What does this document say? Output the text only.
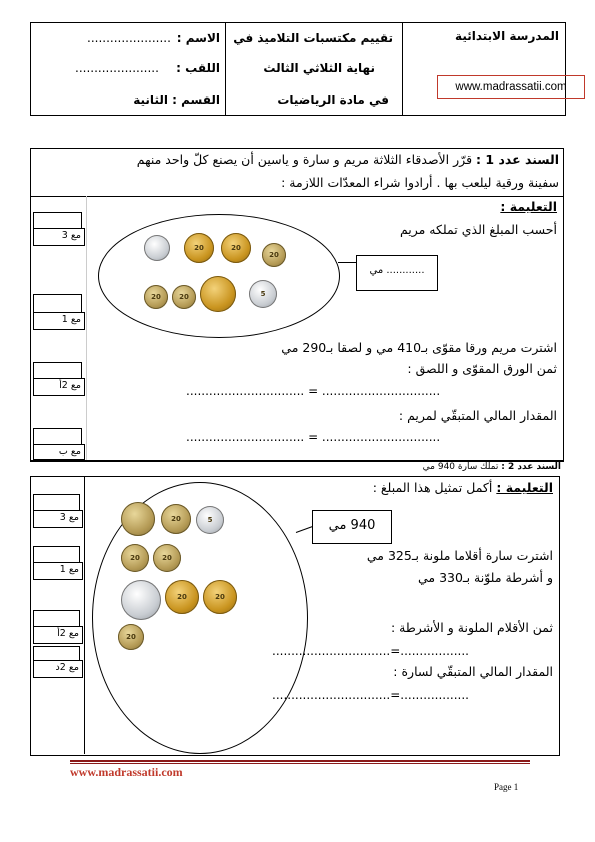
المدرسة الابتدائية
www.madrassatii.com
تقييم مكتسبات التلاميذ في
نهاية الثلاثي الثالث
في مادة الرياضيات
الاسم :
......................
اللقب :
......................
القسم : الثانية
السند عدد 1 : قرّر الأصدقاء الثلاثة مريم و سارة و ياسين أن يصنع كلّ واحد منهم
سفينة ورقية ليلعب بها . أرادوا شراء المعدّات اللازمة :
مع 3
مع 1
مع 2أ
مع ب
التعليمة :
أحسب المبلغ الذي تملكه مريم
20	20
20
20	20	5
............ مي
اشترت مريم ورقا مقوّى بـ410 مي و لصقا بـ290 مي
ثمن الورق المقوّى و اللصق :
............................... = ...............................
المقدار المالي المتبقّي لمريم :
............................... = ...............................
السند عدد 2 : تملك سارة 940 مي
مع 3
مع 1
مع 2أ
مع 2د
التعليمة : أكمل تمثيل هذا المبلغ :
20	5
20	20
20	20
20
940 مي
اشترت سارة أقلاما ملونة بـ325 مي
و أشرطة ملوّنة بـ330 مي
ثمن الأقلام الملونة و الأشرطة :
...............................=..................
المقدار المالي المتبقّي لسارة :
...............................=..................
www.madrassatii.com
Page 1
